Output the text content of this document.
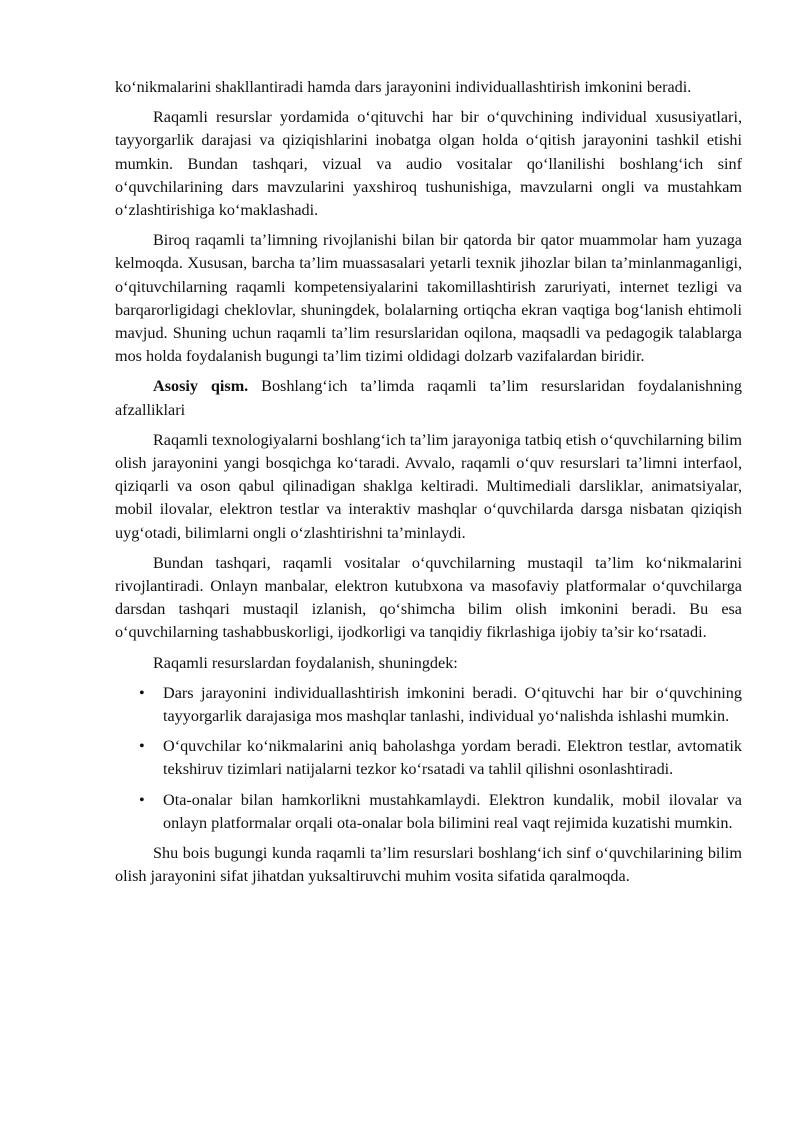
ko‘nikmalarini shakllantiradi hamda dars jarayonini individuallashtirish imkonini beradi.

Raqamli resurslar yordamida o‘qituvchi har bir o‘quvchining individual xususiyatlari, tayyorgarlik darajasi va qiziqishlarini inobatga olgan holda o‘qitish jarayonini tashkil etishi mumkin. Bundan tashqari, vizual va audio vositalar qo‘llanilishi boshlang‘ich sinf o‘quvchilarining dars mavzularini yaxshiroq tushunishiga, mavzularni ongli va mustahkam o‘zlashtirishiga ko‘maklashadi.

Biroq raqamli ta’limning rivojlanishi bilan bir qatorda bir qator muammolar ham yuzaga kelmoqda. Xususan, barcha ta’lim muassasalari yetarli texnik jihozlar bilan ta’minlanmaganligi, o‘qituvchilarning raqamli kompetensiyalarini takomillashtirish zaruriyati, internet tezligi va barqarorligidagi cheklovlar, shuningdek, bolalarning ortiqcha ekran vaqtiga bog‘lanish ehtimoli mavjud. Shuning uchun raqamli ta’lim resurslaridan oqilona, maqsadli va pedagogik talablarga mos holda foydalanish bugungi ta’lim tizimi oldidagi dolzarb vazifalardan biridir.

Asosiy qism. Boshlang‘ich ta’limda raqamli ta’lim resurslaridan foydalanishning afzalliklari

Raqamli texnologiyalarni boshlang‘ich ta’lim jarayoniga tatbiq etish o‘quvchilarning bilim olish jarayonini yangi bosqichga ko‘taradi. Avvalo, raqamli o‘quv resurslari ta’limni interfaol, qiziqarli va oson qabul qilinadigan shaklga keltiradi. Multimediali darsliklar, animatsiyalar, mobil ilovalar, elektron testlar va interaktiv mashqlar o‘quvchilarda darsga nisbatan qiziqish uyg‘otadi, bilimlarni ongli o‘zlashtirishni ta’minlaydi.

Bundan tashqari, raqamli vositalar o‘quvchilarning mustaqil ta’lim ko‘nikmalarini rivojlantiradi. Onlayn manbalar, elektron kutubxona va masofaviy platformalar o‘quvchilarga darsdan tashqari mustaqil izlanish, qo‘shimcha bilim olish imkonini beradi. Bu esa o‘quvchilarning tashabbuskorligi, ijodkorligi va tanqidiy fikrlashiga ijobiy ta’sir ko‘rsatadi.

Raqamli resurslardan foydalanish, shuningdek:

• Dars jarayonini individuallashtirish imkonini beradi. O‘qituvchi har bir o‘quvchining tayyorgarlik darajasiga mos mashqlar tanlashi, individual yo‘nalishda ishlashi mumkin.
• O‘quvchilar ko‘nikmalarini aniq baholashga yordam beradi. Elektron testlar, avtomatik tekshiruv tizimlari natijalarni tezkor ko‘rsatadi va tahlil qilishni osonlashtiradi.
• Ota-onalar bilan hamkorlikni mustahkamlaydi. Elektron kundalik, mobil ilovalar va onlayn platformalar orqali ota-onalar bola bilimini real vaqt rejimida kuzatishi mumkin.

Shu bois bugungi kunda raqamli ta’lim resurslari boshlang‘ich sinf o‘quvchilarining bilim olish jarayonini sifat jihatdan yuksaltiruvchi muhim vosita sifatida qaralmoqda.
